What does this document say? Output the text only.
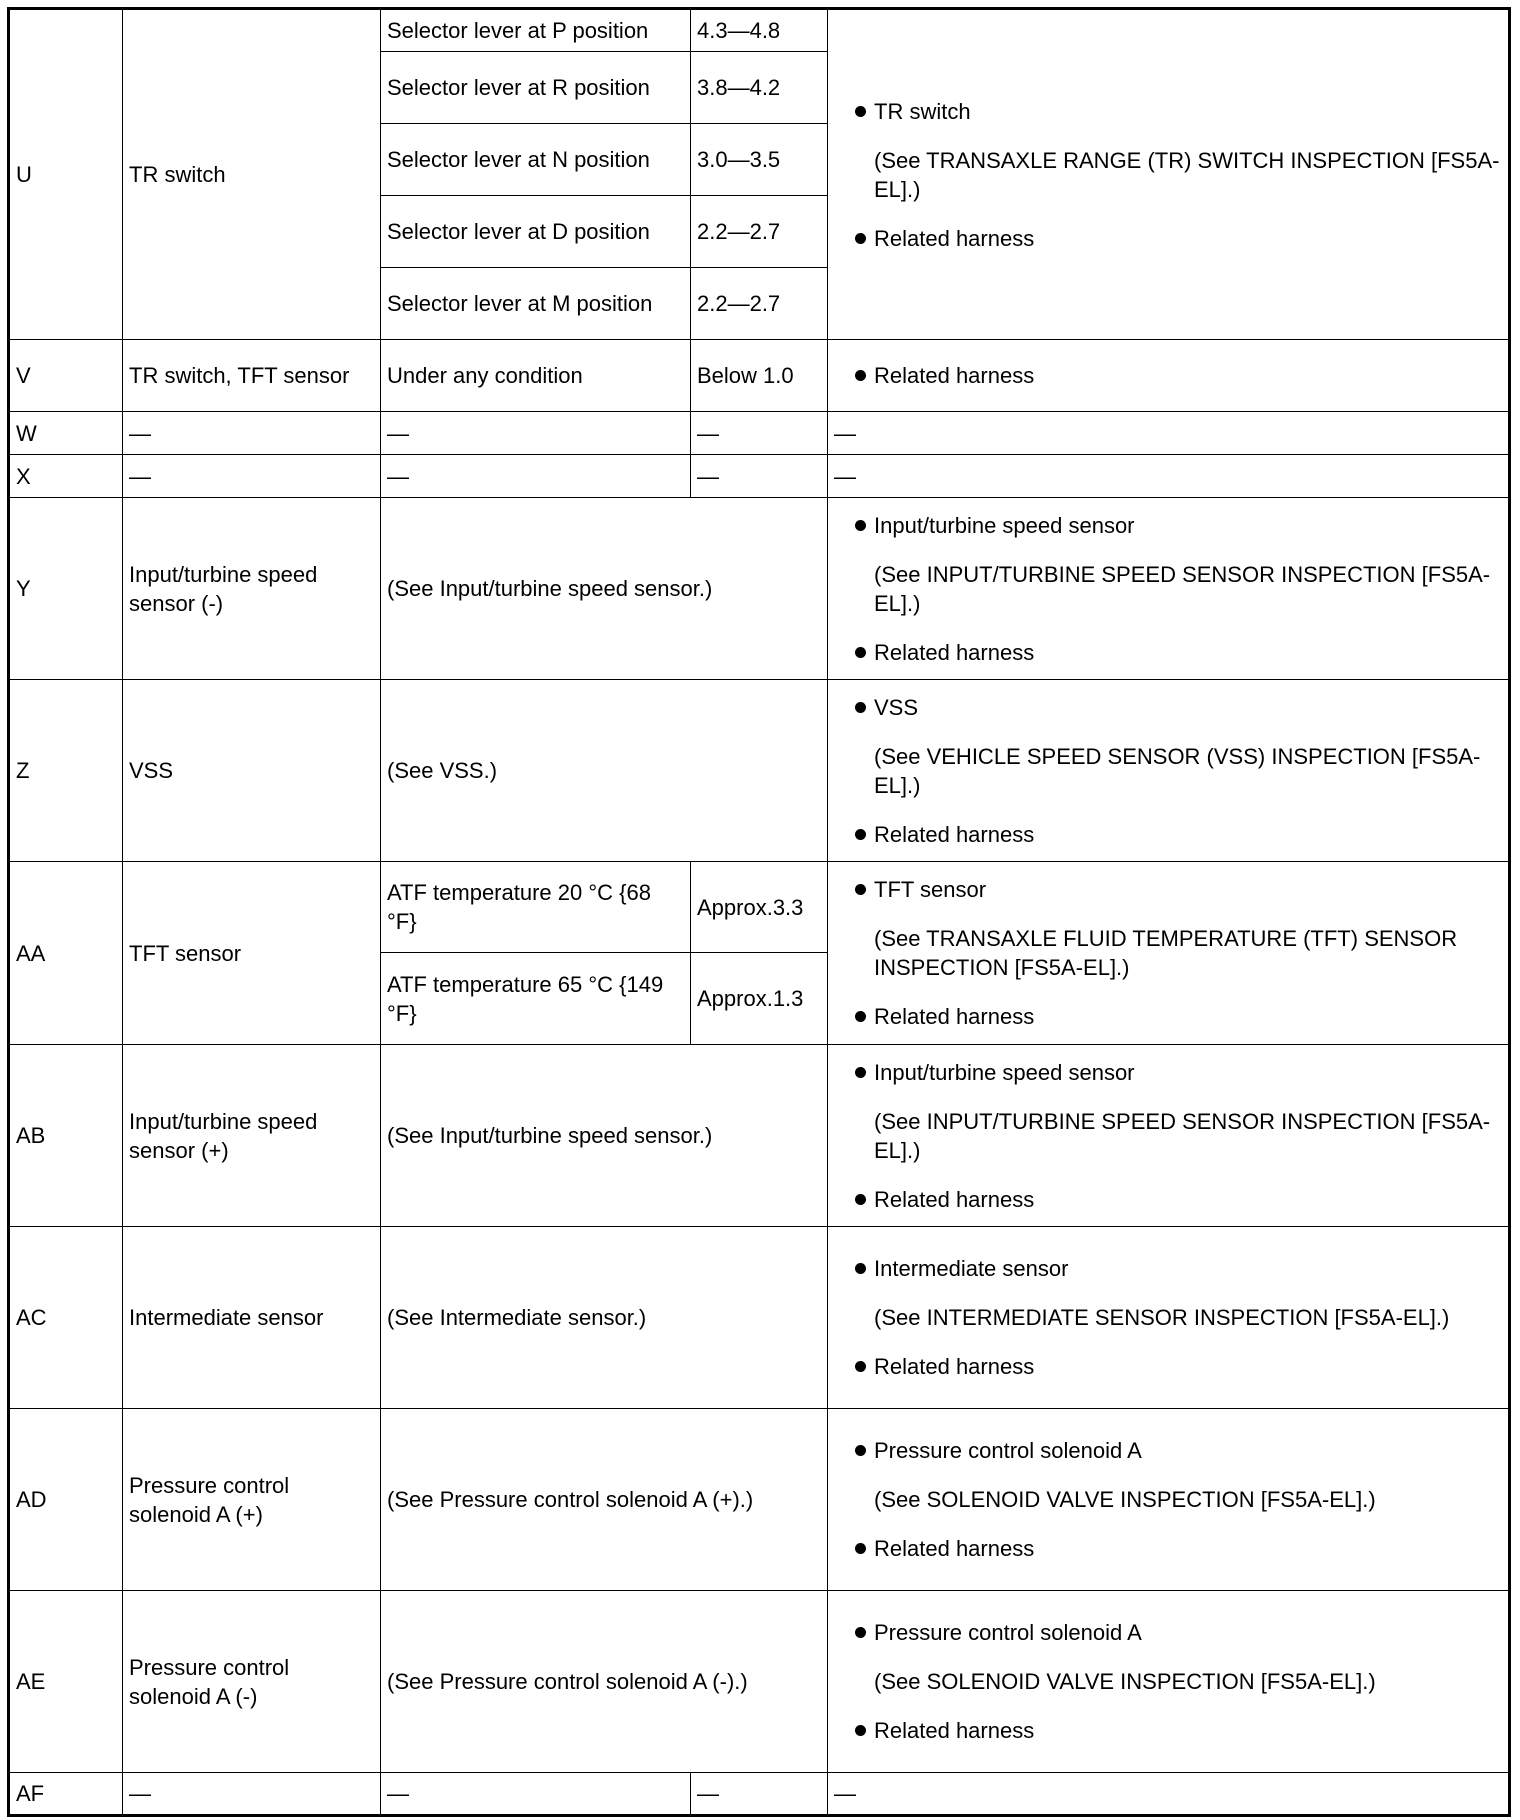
U	TR switch	Selector lever at P position	4.3—4.8	TR switch
(See TRANSAXLE RANGE (TR) SWITCH INSPECTION [FS5A-EL].)
Related harness

		Selector lever at R position	3.8—4.2	
		Selector lever at N position	3.0—3.5	
		Selector lever at D position	2.2—2.7	
		Selector lever at M position	2.2—2.7	
V	TR switch, TFT sensor	Under any condition	Below 1.0	Related harness

W	—	—	—	—
X	—	—	—	—
Y	Input/turbine speed sensor (-)	(See Input/turbine speed sensor.)		Input/turbine speed sensor
(See INPUT/TURBINE SPEED SENSOR INSPECTION [FS5A-EL].)
Related harness

Z	VSS	(See VSS.)		VSS
(See VEHICLE SPEED SENSOR (VSS) INSPECTION [FS5A-EL].)
Related harness

AA	TFT sensor	ATF temperature 20 °C {68 °F}	Approx.3.3	TFT sensor
(See TRANSAXLE FLUID TEMPERATURE (TFT) SENSOR INSPECTION [FS5A-EL].)
Related harness

		ATF temperature 65 °C {149 °F}	Approx.1.3	
AB	Input/turbine speed sensor (+)	(See Input/turbine speed sensor.)		Input/turbine speed sensor
(See INPUT/TURBINE SPEED SENSOR INSPECTION [FS5A-EL].)
Related harness

AC	Intermediate sensor	(See Intermediate sensor.)		Intermediate sensor
(See INTERMEDIATE SENSOR INSPECTION [FS5A-EL].)
Related harness

AD	Pressure control solenoid A (+)	(See Pressure control solenoid A (+).)		Pressure control solenoid A
(See SOLENOID VALVE INSPECTION [FS5A-EL].)
Related harness

AE	Pressure control solenoid A (-)	(See Pressure control solenoid A (-).)		Pressure control solenoid A
(See SOLENOID VALVE INSPECTION [FS5A-EL].)
Related harness

AF	—	—	—	—
